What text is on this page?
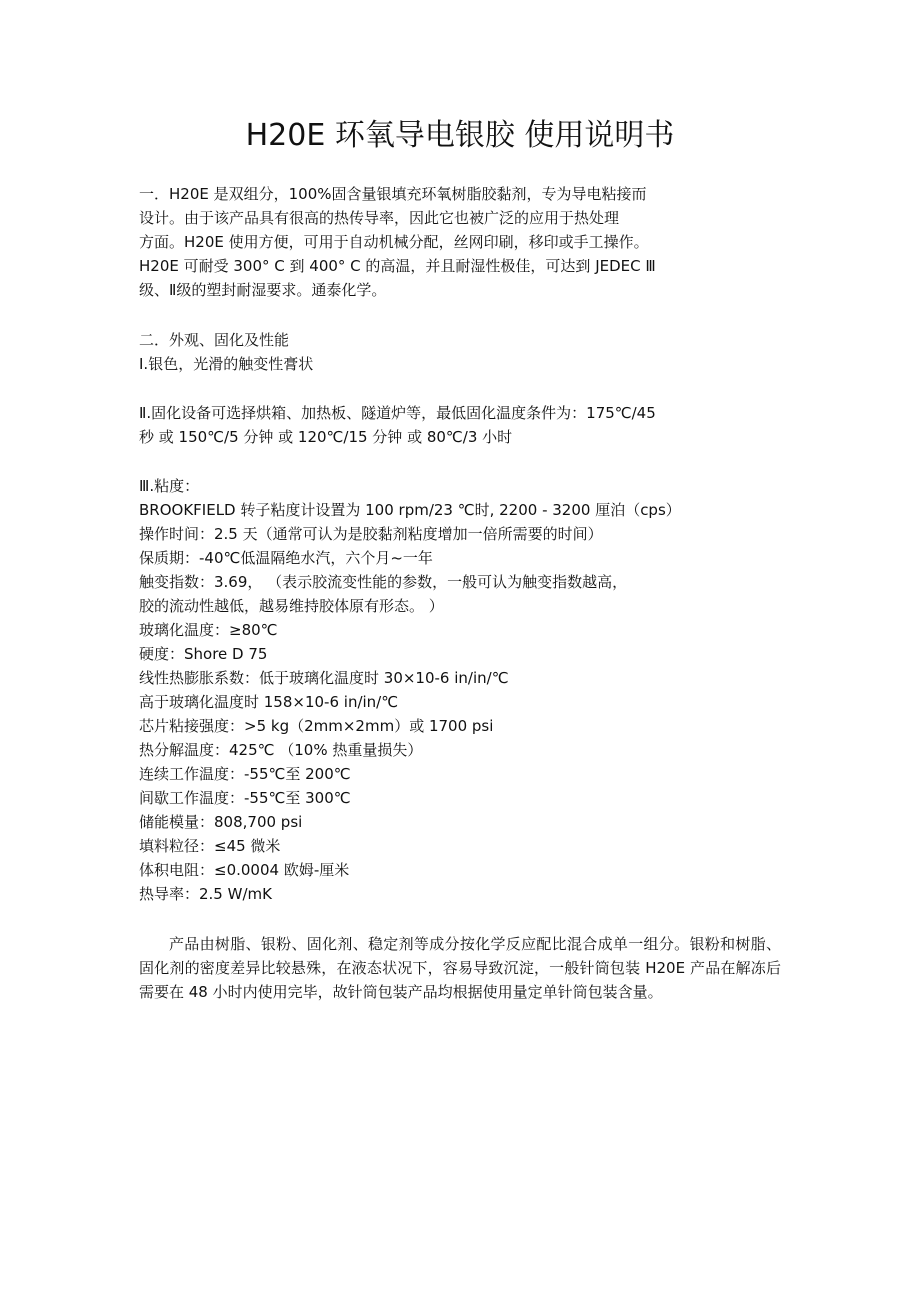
H20E 环氧导电银胶 使用说明书
一．H20E 是双组分，100%固含量银填充环氧树脂胶黏剂，专为导电粘接而
设计。由于该产品具有很高的热传导率，因此它也被广泛的应用于热处理
方面。H20E 使用方便，可用于自动机械分配，丝网印刷，移印或手工操作。
H20E 可耐受 300° C 到 400° C 的高温，并且耐湿性极佳，可达到 JEDEC Ⅲ
级、Ⅱ级的塑封耐湿要求。通泰化学。
二．外观、固化及性能
Ⅰ.银色，光滑的触变性膏状
Ⅱ.固化设备可选择烘箱、加热板、隧道炉等，最低固化温度条件为：175℃/45
秒 或 150℃/5 分钟 或 120℃/15 分钟 或 80℃/3 小时
Ⅲ.粘度：
BROOKFIELD 转子粘度计设置为 100 rpm/23 ℃时, 2200 - 3200 厘泊（cps）
操作时间：2.5 天（通常可认为是胶黏剂粘度增加一倍所需要的时间）
保质期：-40℃低温隔绝水汽，六个月~一年
触变指数：3.69， （表示胶流变性能的参数，一般可认为触变指数越高，
胶的流动性越低，越易维持胶体原有形态。 ）
玻璃化温度：≥80℃
硬度：Shore D 75
线性热膨胀系数：低于玻璃化温度时 30×10-6 in/in/℃
高于玻璃化温度时 158×10-6 in/in/℃
芯片粘接强度：>5 kg（2mm×2mm）或 1700 psi
热分解温度：425℃ （10% 热重量损失）
连续工作温度：-55℃至 200℃
间歇工作温度：-55℃至 300℃
储能模量：808,700 psi
填料粒径：≤45 微米
体积电阻：≤0.0004 欧姆-厘米
热导率：2.5 W/mK
产品由树脂、银粉、固化剂、稳定剂等成分按化学反应配比混合成单一组分。银粉和树脂、固化剂的密度差异比较悬殊，在液态状况下，容易导致沉淀，一般针筒包装 H20E 产品在解冻后需要在 48 小时内使用完毕，故针筒包装产品均根据使用量定单针筒包装含量。
